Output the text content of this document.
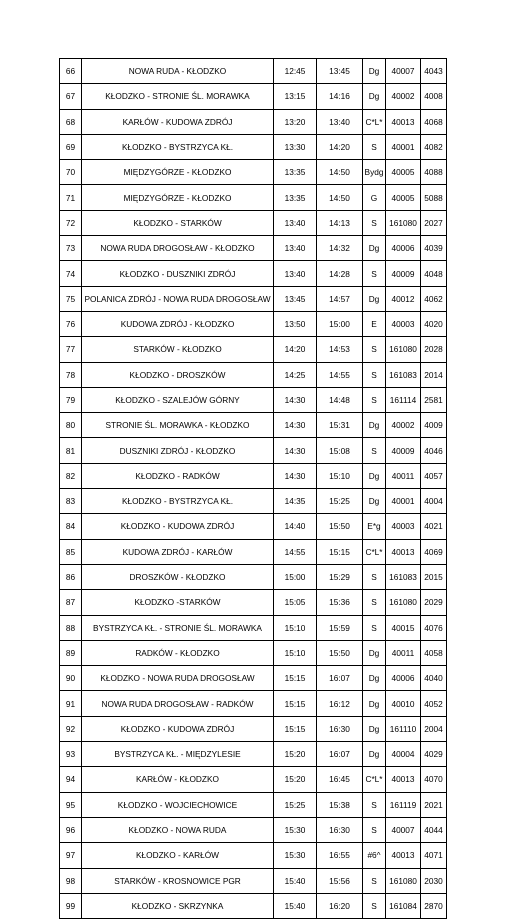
66	NOWA RUDA - KŁODZKO	12:45	13:45	Dg	40007	4043
67	KŁODZKO - STRONIE ŚL. MORAWKA	13:15	14:16	Dg	40002	4008
68	KARŁÓW - KUDOWA ZDRÓJ	13:20	13:40	C*L*	40013	4068
69	KŁODZKO - BYSTRZYCA KŁ.	13:30	14:20	S	40001	4082
70	MIĘDZYGÓRZE - KŁODZKO	13:35	14:50	Bydg	40005	4088
71	MIĘDZYGÓRZE - KŁODZKO	13:35	14:50	G	40005	5088
72	KŁODZKO - STARKÓW	13:40	14:13	S	161080	2027
73	NOWA RUDA DROGOSŁAW - KŁODZKO	13:40	14:32	Dg	40006	4039
74	KŁODZKO - DUSZNIKI ZDRÓJ	13:40	14:28	S	40009	4048
75	POLANICA ZDRÓJ - NOWA RUDA DROGOSŁAW	13:45	14:57	Dg	40012	4062
76	KUDOWA ZDRÓJ - KŁODZKO	13:50	15:00	E	40003	4020
77	STARKÓW - KŁODZKO	14:20	14:53	S	161080	2028
78	KŁODZKO - DROSZKÓW	14:25	14:55	S	161083	2014
79	KŁODZKO - SZALEJÓW GÓRNY	14:30	14:48	S	161114	2581
80	STRONIE ŚL. MORAWKA - KŁODZKO	14:30	15:31	Dg	40002	4009
81	DUSZNIKI ZDRÓJ - KŁODZKO	14:30	15:08	S	40009	4046
82	KŁODZKO - RADKÓW	14:30	15:10	Dg	40011	4057
83	KŁODZKO - BYSTRZYCA KŁ.	14:35	15:25	Dg	40001	4004
84	KŁODZKO - KUDOWA ZDRÓJ	14:40	15:50	E*g	40003	4021
85	KUDOWA ZDRÓJ - KARŁÓW	14:55	15:15	C*L*	40013	4069
86	DROSZKÓW - KŁODZKO	15:00	15:29	S	161083	2015
87	KŁODZKO -STARKÓW	15:05	15:36	S	161080	2029
88	BYSTRZYCA KŁ. - STRONIE ŚL. MORAWKA	15:10	15:59	S	40015	4076
89	RADKÓW - KŁODZKO	15:10	15:50	Dg	40011	4058
90	KŁODZKO - NOWA RUDA DROGOSŁAW	15:15	16:07	Dg	40006	4040
91	NOWA RUDA DROGOSŁAW - RADKÓW	15:15	16:12	Dg	40010	4052
92	KŁODZKO - KUDOWA ZDRÓJ	15:15	16:30	Dg	161110	2004
93	BYSTRZYCA KŁ. - MIĘDZYLESIE	15:20	16:07	Dg	40004	4029
94	KARŁÓW - KŁODZKO	15:20	16:45	C*L*	40013	4070
95	KŁODZKO - WOJCIECHOWICE	15:25	15:38	S	161119	2021
96	KŁODZKO - NOWA RUDA	15:30	16:30	S	40007	4044
97	KŁODZKO - KARŁÓW	15:30	16:55	#6^	40013	4071
98	STARKÓW - KROSNOWICE PGR	15:40	15:56	S	161080	2030
99	KŁODZKO - SKRZYNKA	15:40	16:20	S	161084	2870
